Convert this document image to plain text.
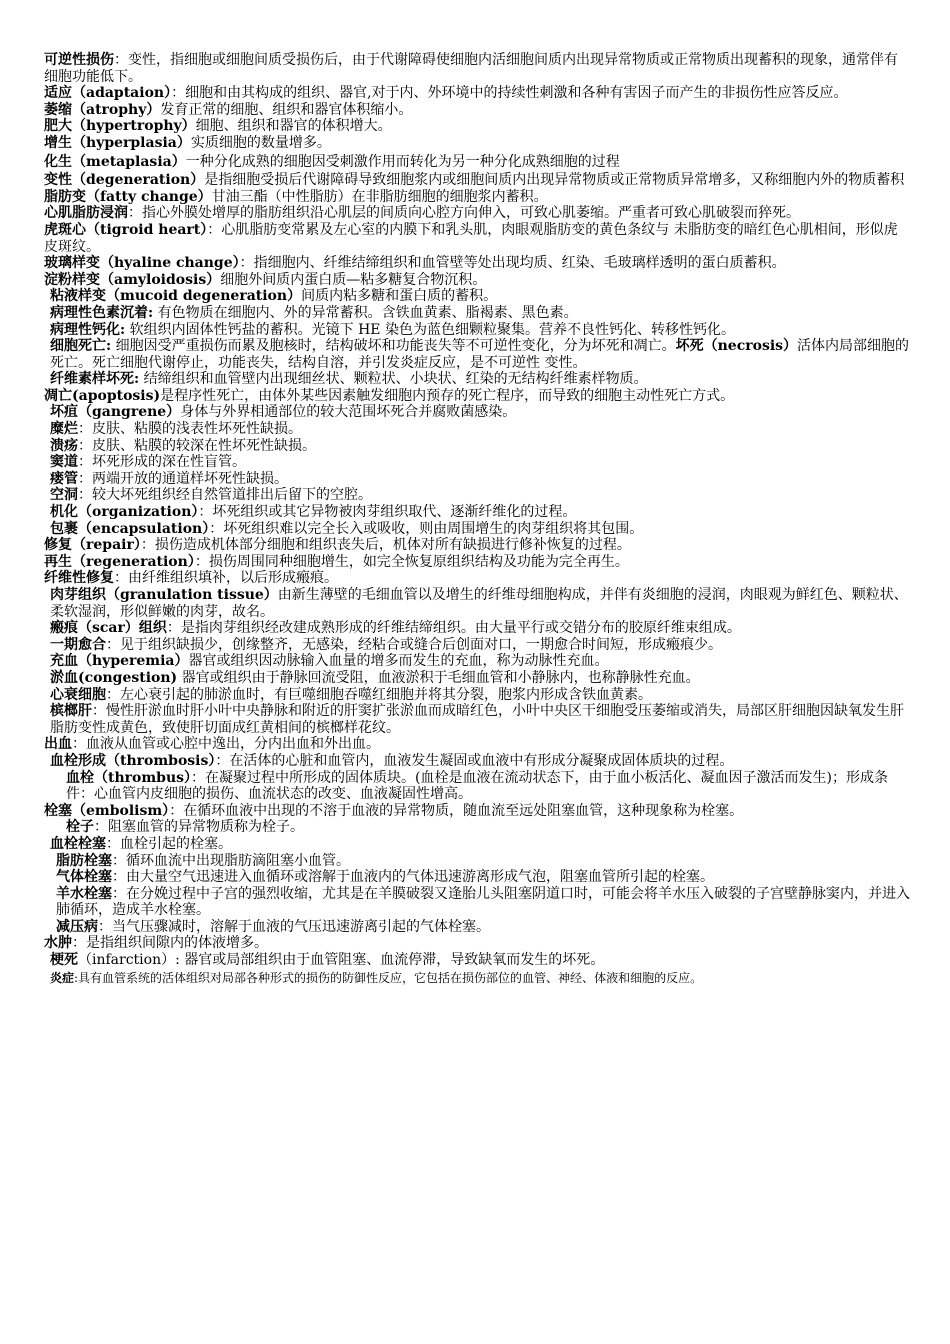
可逆性损伤：变性，指细胞或细胞间质受损伤后，由于代谢障碍使细胞内活细胞间质内出现异常物质或正常物质出现蓄积的现象，通常伴有细胞功能低下。

适应（adaptaion）：细胞和由其构成的组织、器官,对于内、外环境中的持续性刺激和各种有害因子而产生的非损伤性应答反应。

萎缩（atrophy）发育正常的细胞、组织和器官体积缩小。

肥大（hypertrophy）细胞、组织和器官的体积增大。

增生（hyperplasia）实质细胞的数量增多。

化生（metaplasia）一种分化成熟的细胞因受刺激作用而转化为另一种分化成熟细胞的过程

变性（degeneration）是指细胞受损后代谢障碍导致细胞浆内或细胞间质内出现异常物质或正常物质异常增多，又称细胞内外的物质蓄积

脂肪变（fatty change）甘油三酯（中性脂肪）在非脂肪细胞的细胞浆内蓄积。

心肌脂肪浸润：指心外膜处增厚的脂肪组织沿心肌层的间质向心腔方向伸入，可致心肌萎缩。严重者可致心肌破裂而猝死。

虎斑心（tigroid heart）：心肌脂肪变常累及左心室的内膜下和乳头肌，肉眼观脂肪变的黄色条纹与 未脂肪变的暗红色心肌相间，形似虎皮斑纹。

玻璃样变（hyaline change）：指细胞内、纤维结缔组织和血管壁等处出现均质、红染、毛玻璃样透明的蛋白质蓄积。

淀粉样变（amyloidosis）细胞外间质内蛋白质—粘多糖复合物沉积。

粘液样变（mucoid degeneration）间质内粘多糖和蛋白质的蓄积。

病理性色素沉着: 有色物质在细胞内、外的异常蓄积。含铁血黄素、脂褐素、黑色素。

病理性钙化: 软组织内固体性钙盐的蓄积。光镜下 HE 染色为蓝色细颗粒聚集。营养不良性钙化、转移性钙化。

细胞死亡: 细胞因受严重损伤而累及胞核时，结构破坏和功能丧失等不可逆性变化，分为坏死和凋亡。坏死（necrosis）活体内局部细胞的死亡。死亡细胞代谢停止，功能丧失，结构自溶，并引发炎症反应，是不可逆性 变性。

纤维素样坏死: 结缔组织和血管壁内出现细丝状、颗粒状、小块状、红染的无结构纤维素样物质。

凋亡(apoptosis)是程序性死亡，由体外某些因素触发细胞内预存的死亡程序，而导致的细胞主动性死亡方式。

坏疽（gangrene）身体与外界相通部位的较大范围坏死合并腐败菌感染。

糜烂：皮肤、粘膜的浅表性坏死性缺损。

溃疡：皮肤、粘膜的较深在性坏死性缺损。

窦道：坏死形成的深在性盲管。

瘘管：两端开放的通道样坏死性缺损。

空洞：较大坏死组织经自然管道排出后留下的空腔。

机化（organization）：坏死组织或其它异物被肉芽组织取代、逐渐纤维化的过程。

包裹（encapsulation）：坏死组织难以完全长入或吸收，则由周围增生的肉芽组织将其包围。

修复（repair）：损伤造成机体部分细胞和组织丧失后，机体对所有缺损进行修补恢复的过程。

再生（regeneration）：损伤周围同种细胞增生，如完全恢复原组织结构及功能为完全再生。

纤维性修复：由纤维组织填补，以后形成瘢痕。

肉芽组织（granulation tissue）由新生薄壁的毛细血管以及增生的纤维母细胞构成，并伴有炎细胞的浸润，肉眼观为鲜红色、颗粒状、柔软湿润，形似鲜嫩的肉芽，故名。

瘢痕（scar）组织：是指肉芽组织经改建成熟形成的纤维结缔组织。由大量平行或交错分布的胶原纤维束组成。

一期愈合：见于组织缺损少，创缘整齐，无感染，经粘合或缝合后创面对口，一期愈合时间短，形成瘢痕少。

充血（hyperemia）器官或组织因动脉输入血量的增多而发生的充血，称为动脉性充血。

淤血(congestion) 器官或组织由于静脉回流受阻，血液淤积于毛细血管和小静脉内，也称静脉性充血。

心衰细胞：左心衰引起的肺淤血时，有巨噬细胞吞噬红细胞并将其分裂，胞浆内形成含铁血黄素。

槟榔肝：慢性肝淤血时肝小叶中央静脉和附近的肝窦扩张淤血而成暗红色，小叶中央区干细胞受压萎缩或消失，局部区肝细胞因缺氧发生肝脂肪变性成黄色，致使肝切面成红黄相间的槟榔样花纹。

出血：血液从血管或心腔中逸出，分内出血和外出血。

血栓形成（thrombosis）：在活体的心脏和血管内，血液发生凝固或血液中有形成分凝聚成固体质块的过程。

血栓（thrombus）：在凝聚过程中所形成的固体质块。(血栓是血液在流动状态下，由于血小板活化、凝血因子激活而发生)；形成条件：心血管内皮细胞的损伤、血流状态的改变、血液凝固性增高。

栓塞（embolism）：在循环血液中出现的不溶于血液的异常物质，随血流至远处阻塞血管，这种现象称为栓塞。

栓子：阻塞血管的异常物质称为栓子。

血栓栓塞：血栓引起的栓塞。

脂肪栓塞：循环血流中出现脂肪滴阻塞小血管。

气体栓塞：由大量空气迅速进入血循环或溶解于血液内的气体迅速游离形成气泡，阻塞血管所引起的栓塞。

羊水栓塞：在分娩过程中子宫的强烈收缩，尤其是在羊膜破裂又逢胎儿头阻塞阴道口时，可能会将羊水压入破裂的子宫壁静脉窦内，并进入肺循环，造成羊水栓塞。

减压病：当气压骤减时，溶解于血液的气压迅速游离引起的气体栓塞。

水肿：是指组织间隙内的体液增多。

梗死（infarction）: 器官或局部组织由于血管阻塞、血流停滞，导致缺氧而发生的坏死。

炎症:具有血管系统的活体组织对局部各种形式的损伤的防御性反应，它包括在损伤部位的血管、神经、体液和细胞的反应。
